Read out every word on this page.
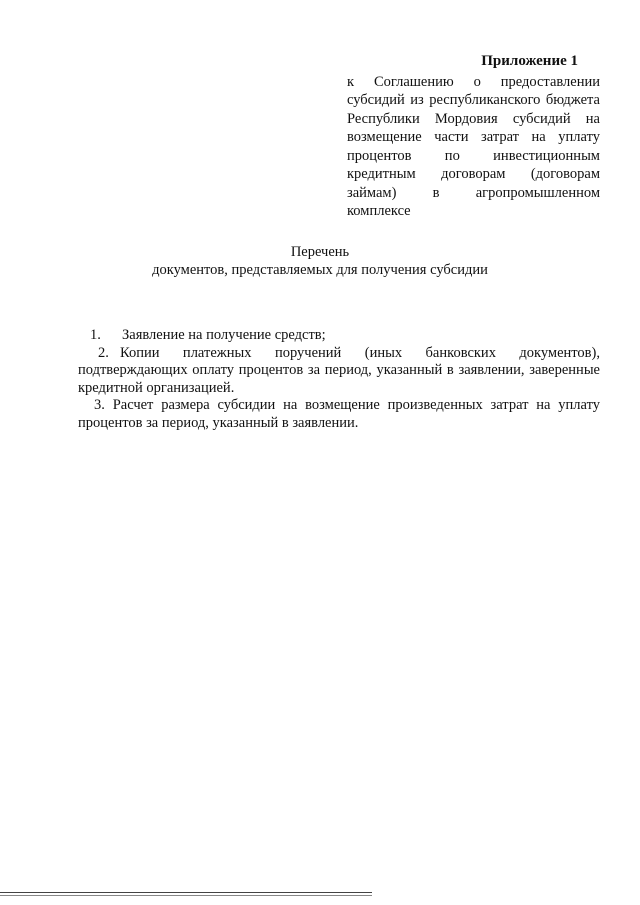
Приложение 1

к Соглашению о предоставлении субсидий из республиканского бюджета Республики Мордовия субсидий на возмещение части затрат на уплату процентов по инвестиционным кредитным договорам (договорам займам) в агропромышленном комплексе

Перечень
документов, представляемых для получения субсидии

1. Заявление на получение средств;

2. Копии платежных поручений (иных банковских документов), подтверждающих оплату процентов за период, указанный в заявлении, заверенные кредитной организацией.

3. Расчет размера субсидии на возмещение произведенных затрат на уплату процентов за период, указанный в заявлении.
